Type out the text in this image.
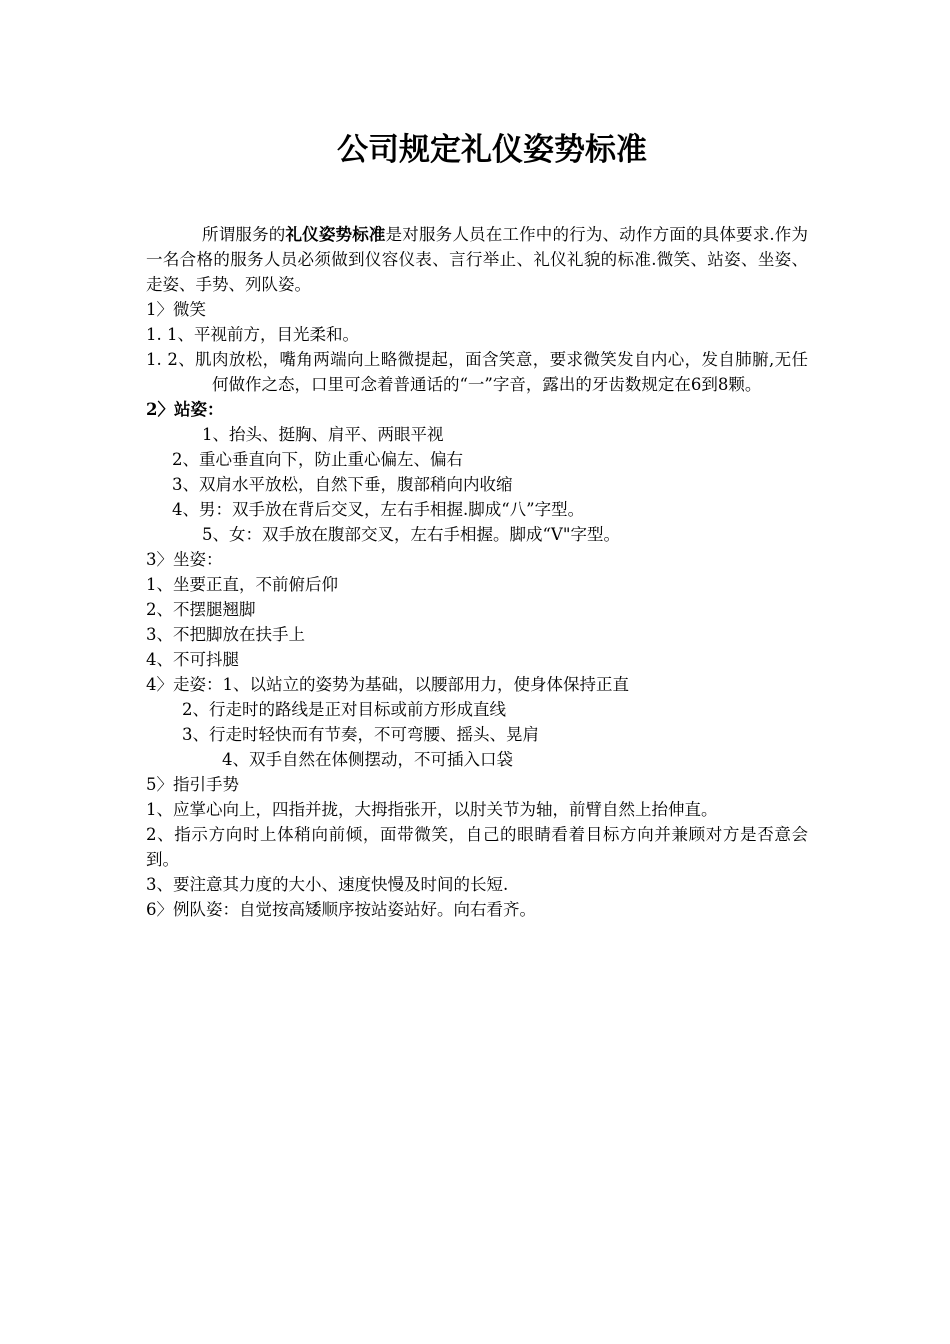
公司规定礼仪姿势标准

所谓服务的礼仪姿势标准是对服务人员在工作中的行为、动作方面的具体要求.作为一名合格的服务人员必须做到仪容仪表、言行举止、礼仪礼貌的标准.微笑、站姿、坐姿、走姿、手势、列队姿。

1〉微笑

1. 1、平视前方，目光柔和。

1. 2、肌肉放松，嘴角两端向上略微提起，面含笑意，要求微笑发自内心，发自肺腑,无任何做作之态，口里可念着普通话的“一”字音，露出的牙齿数规定在6到8颗。

2〉站姿：

1、抬头、挺胸、肩平、两眼平视

2、重心垂直向下，防止重心偏左、偏右

3、双肩水平放松，自然下垂，腹部稍向内收缩

4、男：双手放在背后交叉，左右手相握.脚成“八”字型。

5、女：双手放在腹部交叉，左右手相握。脚成“V"字型。

3〉坐姿：

1、坐要正直，不前俯后仰

2、不摆腿翘脚

3、不把脚放在扶手上

4、不可抖腿

4〉走姿：1、以站立的姿势为基础，以腰部用力，使身体保持正直

2、行走时的路线是正对目标或前方形成直线

3、行走时轻快而有节奏，不可弯腰、摇头、晃肩

4、双手自然在体侧摆动，不可插入口袋

5〉指引手势

1、应掌心向上，四指并拢，大拇指张开，以肘关节为轴，前臂自然上抬伸直。

2、指示方向时上体稍向前倾，面带微笑，自己的眼睛看着目标方向并兼顾对方是否意会到。

3、要注意其力度的大小、速度快慢及时间的长短.

6〉例队姿：自觉按高矮顺序按站姿站好。向右看齐。
